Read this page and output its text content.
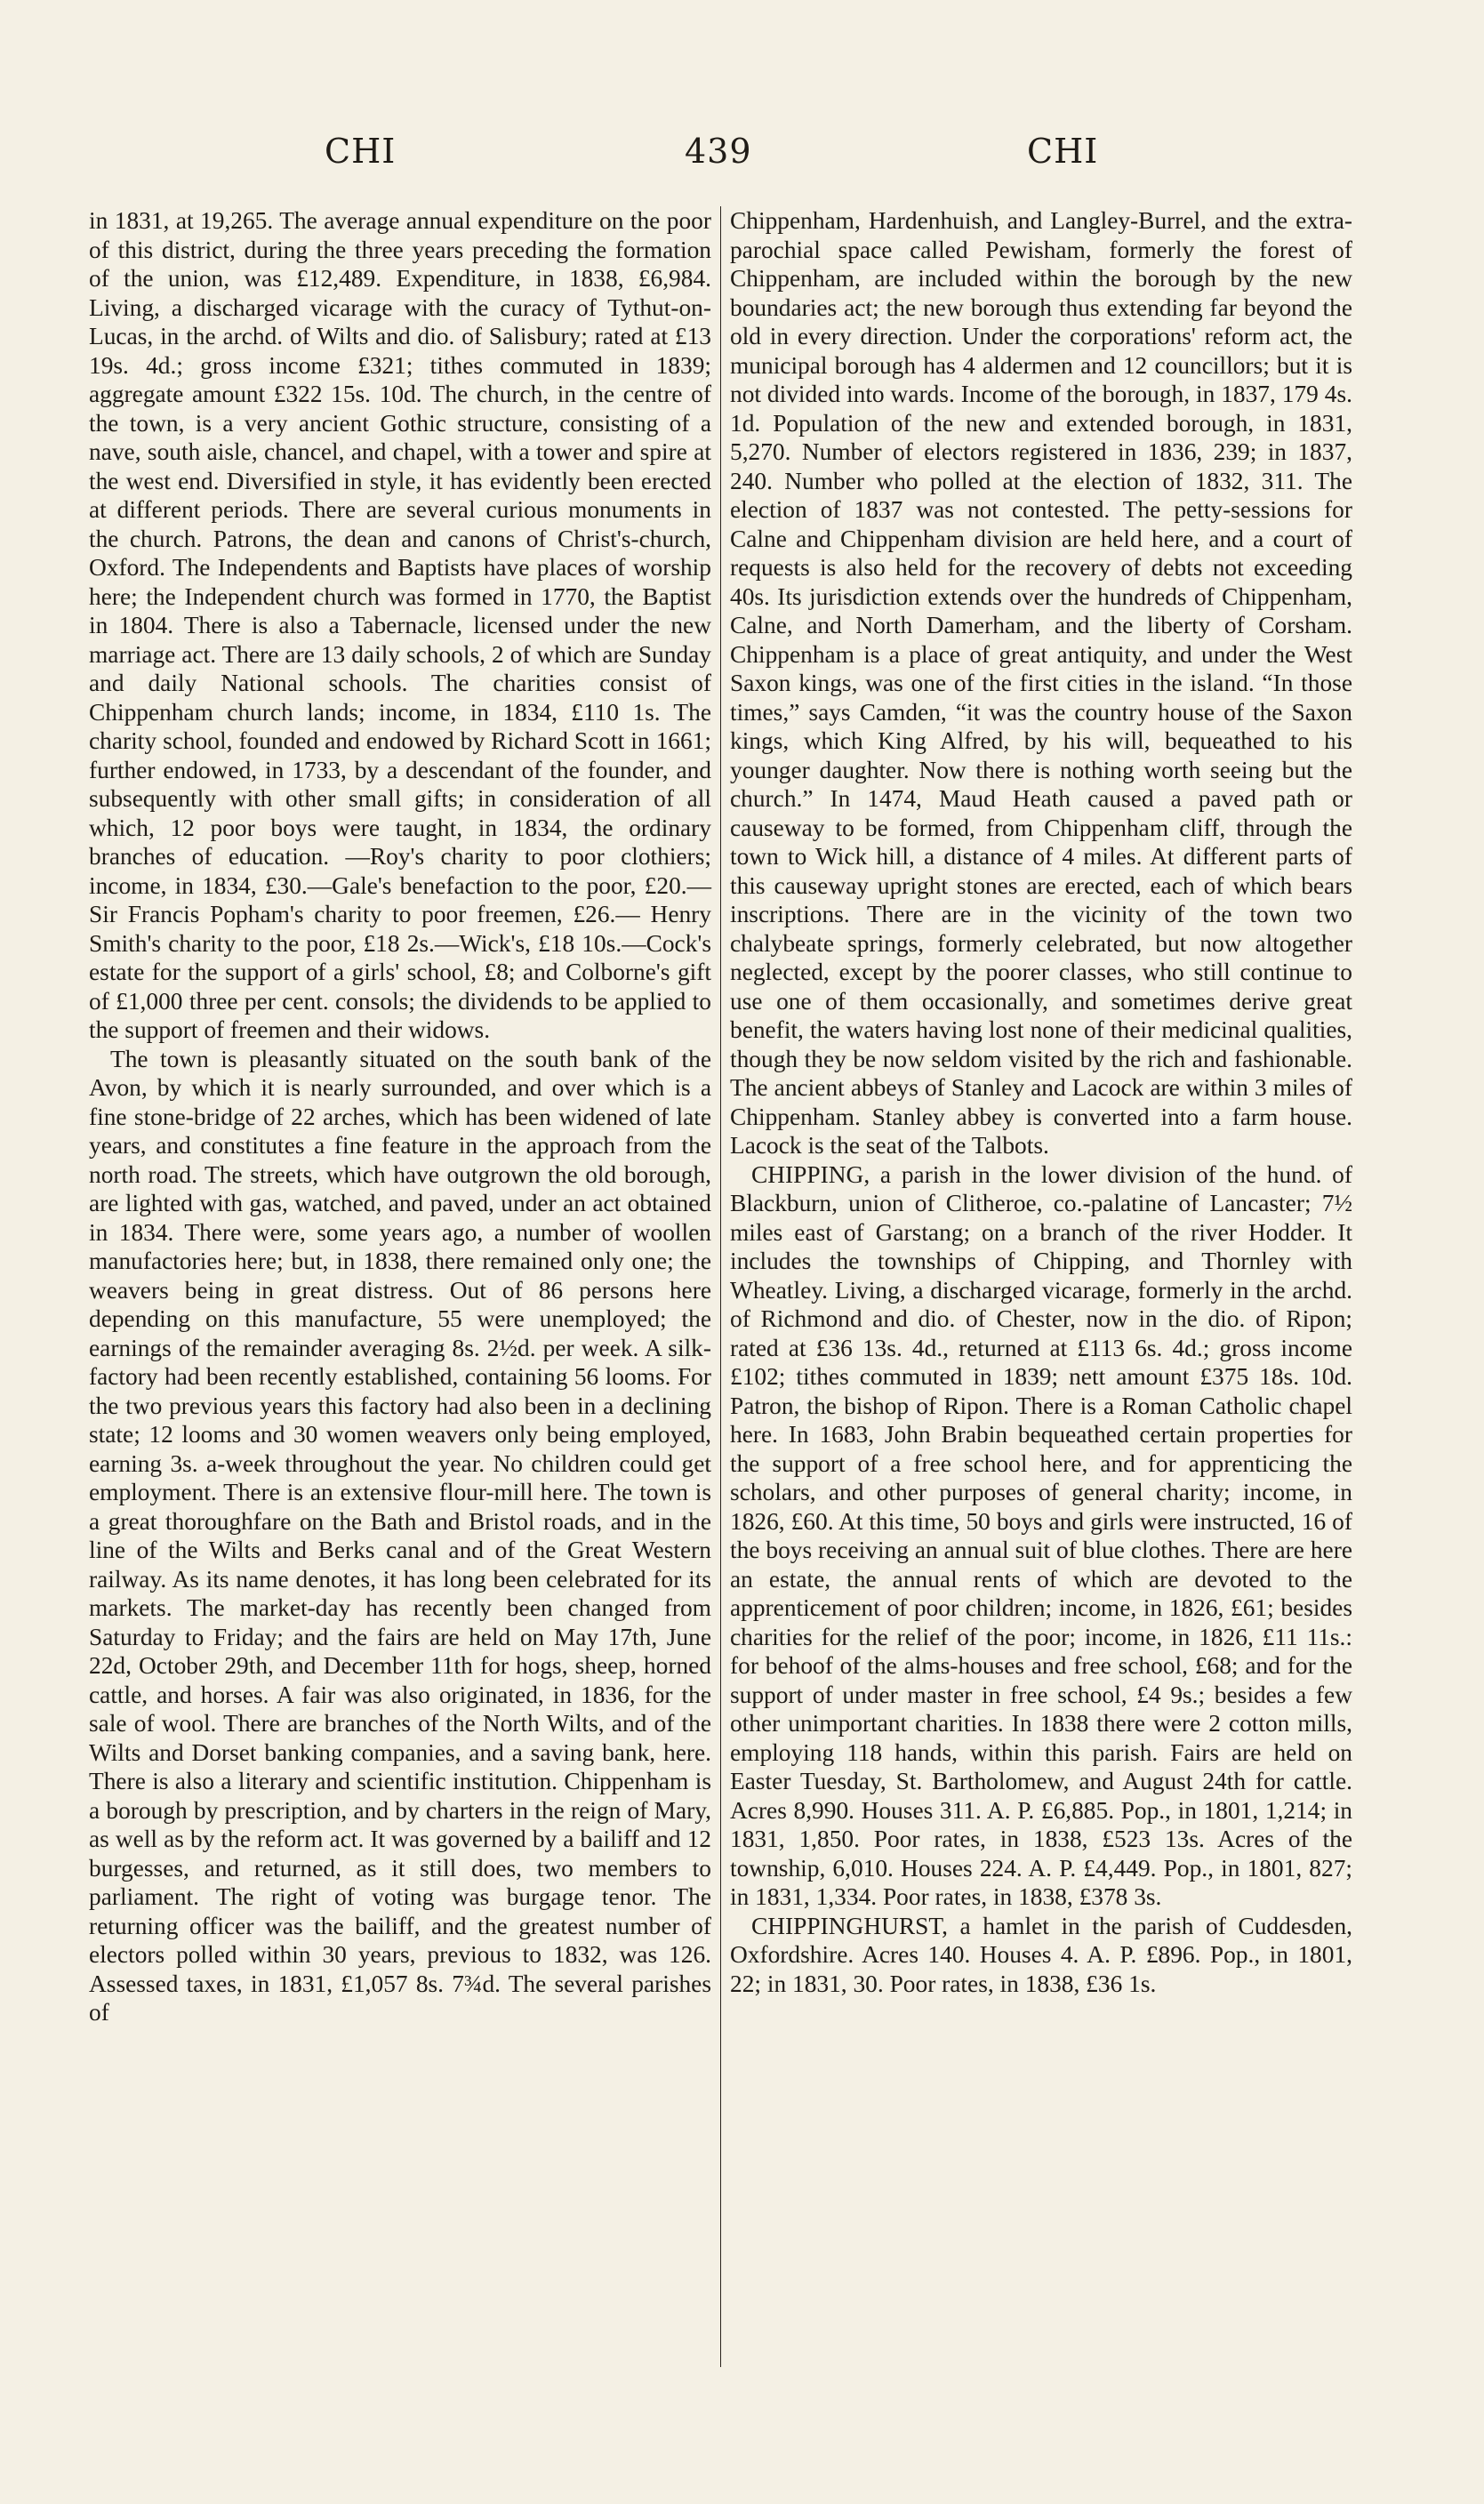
CHI	439	CHI

in 1831, at 19,265. The average annual expenditure on the poor of this district, during the three years preceding the formation of the union, was £12,489. Expenditure, in 1838, £6,984. Living, a discharged vicarage with the curacy of Tythut-on-Lucas, in the archd. of Wilts and dio. of Salisbury; rated at £13 19s. 4d.; gross income £321; tithes commuted in 1839; aggregate amount £322 15s. 10d. The church, in the centre of the town, is a very ancient Gothic structure, consisting of a nave, south aisle, chancel, and chapel, with a tower and spire at the west end. Diversified in style, it has evidently been erected at different periods. There are several curious monuments in the church. Patrons, the dean and canons of Christ's-church, Oxford. The Independents and Baptists have places of worship here; the Independent church was formed in 1770, the Baptist in 1804. There is also a Tabernacle, licensed under the new marriage act. There are 13 daily schools, 2 of which are Sunday and daily National schools. The charities consist of Chippenham church lands; income, in 1834, £110 1s. The charity school, founded and endowed by Richard Scott in 1661; further endowed, in 1733, by a descendant of the founder, and subsequently with other small gifts; in consideration of all which, 12 poor boys were taught, in 1834, the ordinary branches of education. —Roy's charity to poor clothiers; income, in 1834, £30.—Gale's benefaction to the poor, £20.—Sir Francis Popham's charity to poor freemen, £26.— Henry Smith's charity to the poor, £18 2s.—Wick's, £18 10s.—Cock's estate for the support of a girls' school, £8; and Colborne's gift of £1,000 three per cent. consols; the dividends to be applied to the support of freemen and their widows.

The town is pleasantly situated on the south bank of the Avon, by which it is nearly surrounded, and over which is a fine stone-bridge of 22 arches, which has been widened of late years, and constitutes a fine feature in the approach from the north road. The streets, which have outgrown the old borough, are lighted with gas, watched, and paved, under an act obtained in 1834. There were, some years ago, a number of woollen manufactories here; but, in 1838, there remained only one; the weavers being in great distress. Out of 86 persons here depending on this manufacture, 55 were unemployed; the earnings of the remainder averaging 8s. 2½d. per week. A silk-factory had been recently established, containing 56 looms. For the two previous years this factory had also been in a declining state; 12 looms and 30 women weavers only being employed, earning 3s. a-week throughout the year. No children could get employment. There is an extensive flour-mill here. The town is a great thoroughfare on the Bath and Bristol roads, and in the line of the Wilts and Berks canal and of the Great Western railway. As its name denotes, it has long been celebrated for its markets. The market-day has recently been changed from Saturday to Friday; and the fairs are held on May 17th, June 22d, October 29th, and December 11th for hogs, sheep, horned cattle, and horses. A fair was also originated, in 1836, for the sale of wool. There are branches of the North Wilts, and of the Wilts and Dorset banking companies, and a saving bank, here. There is also a literary and scientific institution. Chippenham is a borough by prescription, and by charters in the reign of Mary, as well as by the reform act. It was governed by a bailiff and 12 burgesses, and returned, as it still does, two members to parliament. The right of voting was burgage tenor. The returning officer was the bailiff, and the greatest number of electors polled within 30 years, previous to 1832, was 126. Assessed taxes, in 1831, £1,057 8s. 7¾d. The several parishes of

Chippenham, Hardenhuish, and Langley-Burrel, and the extra-parochial space called Pewisham, formerly the forest of Chippenham, are included within the borough by the new boundaries act; the new borough thus extending far beyond the old in every direction. Under the corporations' reform act, the municipal borough has 4 aldermen and 12 councillors; but it is not divided into wards. Income of the borough, in 1837, 179 4s. 1d. Population of the new and extended borough, in 1831, 5,270. Number of electors registered in 1836, 239; in 1837, 240. Number who polled at the election of 1832, 311. The election of 1837 was not contested. The petty-sessions for Calne and Chippenham division are held here, and a court of requests is also held for the recovery of debts not exceeding 40s. Its jurisdiction extends over the hundreds of Chippenham, Calne, and North Damerham, and the liberty of Corsham. Chippenham is a place of great antiquity, and under the West Saxon kings, was one of the first cities in the island. “In those times,” says Camden, “it was the country house of the Saxon kings, which King Alfred, by his will, bequeathed to his younger daughter. Now there is nothing worth seeing but the church.” In 1474, Maud Heath caused a paved path or causeway to be formed, from Chippenham cliff, through the town to Wick hill, a distance of 4 miles. At different parts of this causeway upright stones are erected, each of which bears inscriptions. There are in the vicinity of the town two chalybeate springs, formerly celebrated, but now altogether neglected, except by the poorer classes, who still continue to use one of them occasionally, and sometimes derive great benefit, the waters having lost none of their medicinal qualities, though they be now seldom visited by the rich and fashionable. The ancient abbeys of Stanley and Lacock are within 3 miles of Chippenham. Stanley abbey is converted into a farm house. Lacock is the seat of the Talbots.

CHIPPING, a parish in the lower division of the hund. of Blackburn, union of Clitheroe, co.-palatine of Lancaster; 7½ miles east of Garstang; on a branch of the river Hodder. It includes the townships of Chipping, and Thornley with Wheatley. Living, a discharged vicarage, formerly in the archd. of Richmond and dio. of Chester, now in the dio. of Ripon; rated at £36 13s. 4d., returned at £113 6s. 4d.; gross income £102; tithes commuted in 1839; nett amount £375 18s. 10d. Patron, the bishop of Ripon. There is a Roman Catholic chapel here. In 1683, John Brabin bequeathed certain properties for the support of a free school here, and for apprenticing the scholars, and other purposes of general charity; income, in 1826, £60. At this time, 50 boys and girls were instructed, 16 of the boys receiving an annual suit of blue clothes. There are here an estate, the annual rents of which are devoted to the apprenticement of poor children; income, in 1826, £61; besides charities for the relief of the poor; income, in 1826, £11 11s.: for behoof of the alms-houses and free school, £68; and for the support of under master in free school, £4 9s.; besides a few other unimportant charities. In 1838 there were 2 cotton mills, employing 118 hands, within this parish. Fairs are held on Easter Tuesday, St. Bartholomew, and August 24th for cattle. Acres 8,990. Houses 311. A. P. £6,885. Pop., in 1801, 1,214; in 1831, 1,850. Poor rates, in 1838, £523 13s. Acres of the township, 6,010. Houses 224. A. P. £4,449. Pop., in 1801, 827; in 1831, 1,334. Poor rates, in 1838, £378 3s.

CHIPPINGHURST, a hamlet in the parish of Cuddesden, Oxfordshire. Acres 140. Houses 4. A. P. £896. Pop., in 1801, 22; in 1831, 30. Poor rates, in 1838, £36 1s.
